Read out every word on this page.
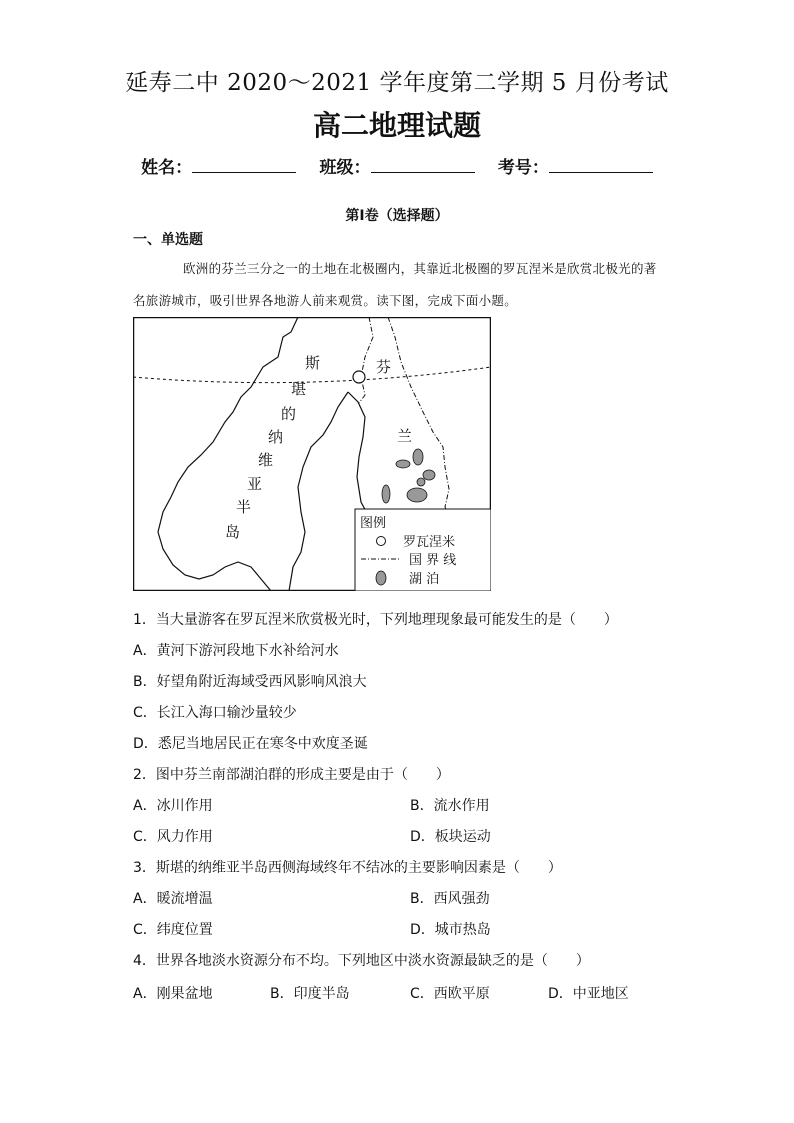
延寿二中 2020～2021 学年度第二学期 5 月份考试
高二地理试题
姓名：	班级：	考号：
第Ⅰ卷（选择题）
一、单选题
欧洲的芬兰三分之一的土地在北极圈内，其靠近北极圈的罗瓦涅米是欣赏北极光的著名旅游城市，吸引世界各地游人前来观赏。读下图，完成下面小题。
斯
堪
的
纳
维
亚
半
岛
芬
兰
图例
罗瓦涅米
国 界 线
湖 泊
1．当大量游客在罗瓦涅米欣赏极光时，下列地理现象最可能发生的是（　　）
A．黄河下游河段地下水补给河水
B．好望角附近海域受西风影响风浪大
C．长江入海口输沙量较少
D．悉尼当地居民正在寒冬中欢度圣诞
2．图中芬兰南部湖泊群的形成主要是由于（　　）
A．冰川作用	B．流水作用
C．风力作用	D．板块运动
3．斯堪的纳维亚半岛西侧海域终年不结冰的主要影响因素是（　　）
A．暖流增温	B．西风强劲
C．纬度位置	D．城市热岛
4．世界各地淡水资源分布不均。下列地区中淡水资源最缺乏的是（　　）
A．刚果盆地	B．印度半岛	C．西欧平原	D．中亚地区
